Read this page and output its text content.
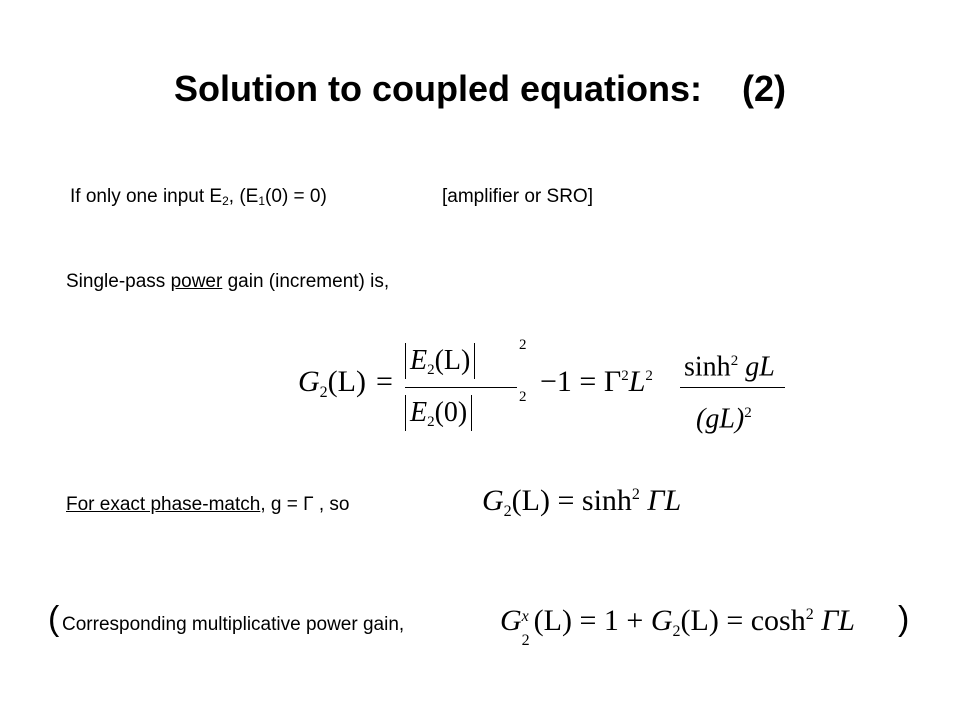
Solution to coupled equations: (2)
If only one input $E_2$, $(E_1(0) = 0)$	[amplifier or SRO]
Single-pass power gain (increment) is,
$G_2(L)$ =
$E_2(L)$	2
$E_2(0)$	$2 -1 = \Gamma^2L^2$ $\sinh^2$ gL
(gL)$^2$
For exact phase-match, g = Γ , so	$G_2(L) = \sinh^2 \Gamma L$
( Corresponding multiplicative power gain,	)
G x
2
$(L) = 1 + G_2(L) = \cosh^2 \Gamma L$
